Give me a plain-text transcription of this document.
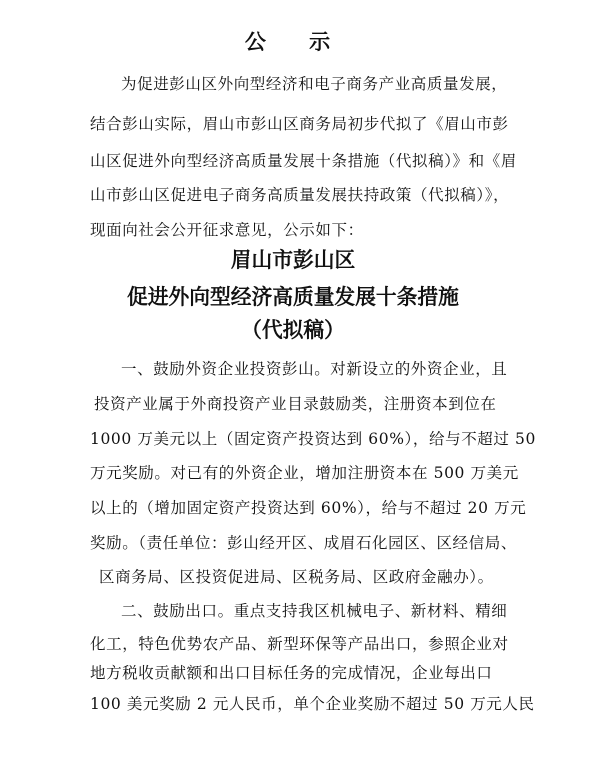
公 示
为促进彭山区外向型经济和电子商务产业高质量发展，
结合彭山实际，眉山市彭山区商务局初步代拟了《眉山市彭
山区促进外向型经济高质量发展十条措施（代拟稿）》和《眉
山市彭山区促进电子商务高质量发展扶持政策（代拟稿）》，
现面向社会公开征求意见，公示如下：
眉山市彭山区
促进外向型经济高质量发展十条措施
（代拟稿）
一、鼓励外资企业投资彭山。对新设立的外资企业，且
投资产业属于外商投资产业目录鼓励类，注册资本到位在
1000 万美元以上（固定资产投资达到 60%），给与不超过 50
万元奖励。对已有的外资企业，增加注册资本在 500 万美元
以上的（增加固定资产投资达到 60%），给与不超过 20 万元
奖励。（责任单位：彭山经开区、成眉石化园区、区经信局、
区商务局、区投资促进局、区税务局、区政府金融办）。
二、鼓励出口。重点支持我区机械电子、新材料、精细
化工，特色优势农产品、新型环保等产品出口，参照企业对
地方税收贡献额和出口目标任务的完成情况，企业每出口
100 美元奖励 2 元人民币，单个企业奖励不超过 50 万元人民
